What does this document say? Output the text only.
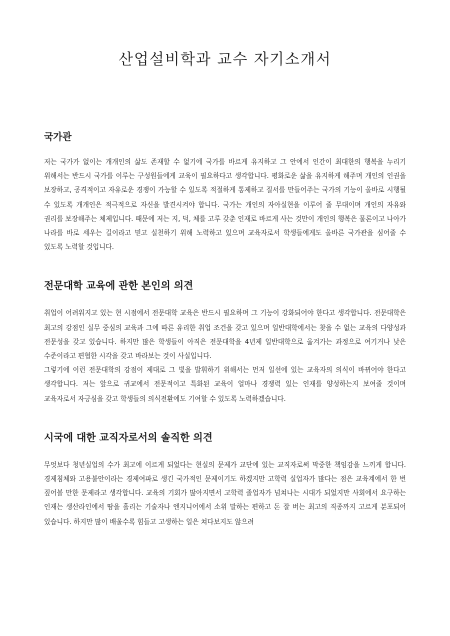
산업설비학과 교수 자기소개서
국가관

저는 국가가 없이는 개개인의 삶도 존재할 수 없기에 국가를 바르게 유지하고 그 안에서 인간이 최대한의 행복을 누리기 위해서는 반드시 국가를 이루는 구성원들에게 교육이 필요하다고 생각합니다. 평화로운 삶을 유지하게 해주며 개인의 인권을 보장하고, 공격적이고 자유로운 경쟁이 가능할 수 있도록 적절하게 통제하고 질서를 만들어주는 국가의 기능이 올바로 시행될 수 있도록 개개인은 적극적으로 자신을 발견시켜야 합니다. 국가는 개인의 자아실현을 이루어 줄 무대이며 개인의 자유와 권리를 보장해주는 체제입니다. 때문에 저는 지, 덕, 체를 고루 갖춘 인재로 바르게 사는 것만이 개인의 행복은 물론이고 나아가 나라를 바로 세우는 길이라고 믿고 실천하기 위해 노력하고 있으며 교육자로서 학생들에게도 올바른 국가관을 심어줄 수 있도록 노력할 것입니다.

전문대학 교육에 관한 본인의 의견

취업이 어려워지고 있는 현 시점에서 전문대학 교육은 반드시 필요하며 그 기능이 강화되어야 한다고 생각합니다. 전문대학은 최고의 강점인 실무 중심의 교육과 그에 따른 유리한 취업 조건을 갖고 있으며 일반대학에서는 찾을 수 없는 교육의 다양성과 전문성을 갖고 있습니다. 하지만 많은 학생들이 아직은 전문대학을 4년제 일반대학으로 옮겨가는 과정으로 여기거나 낮은 수준이라고 편협한 시각을 갖고 바라보는 것이 사실입니다.

그렇기에 이런 전문대학의 강점이 제대로 그 빛을 발휘하기 위해서는 먼저 일선에 있는 교육자의 의식이 바뀌어야 한다고 생각합니다. 저는 앞으로 귀교에서 전문적이고 특화된 교육이 얼마나 경쟁력 있는 인재를 양성하는지 보여줄 것이며 교육자로서 자긍심을 갖고 학생들의 의식전환에도 기여할 수 있도록 노력하겠습니다.

시국에 대한 교직자로서의 솔직한 의견

무엇보다 청년실업의 수가 최고에 이르게 되었다는 현실의 문제가 교단에 있는 교직자로써 막중한 책임감을 느끼게 합니다. 경제침체와 고용불안이라는 경제여파로 생긴 국가적인 문제이기도 하겠지만 고학력 실업자가 많다는 점은 교육계에서 한 번 짚어볼 만한 문제라고 생각합니다. 교육의 기회가 많아지면서 고학력 졸업자가 넘쳐나는 시대가 되었지만 사회에서 요구하는 인재는 생산라인에서 땀을 흘리는 기술자나 엔지니어에서 소위 말하는 편하고 돈 잘 버는 최고의 직종까지 고르게 분포되어 있습니다. 하지만 많이 배울수록 힘들고 고생하는 일은 쳐다보지도 않으려
